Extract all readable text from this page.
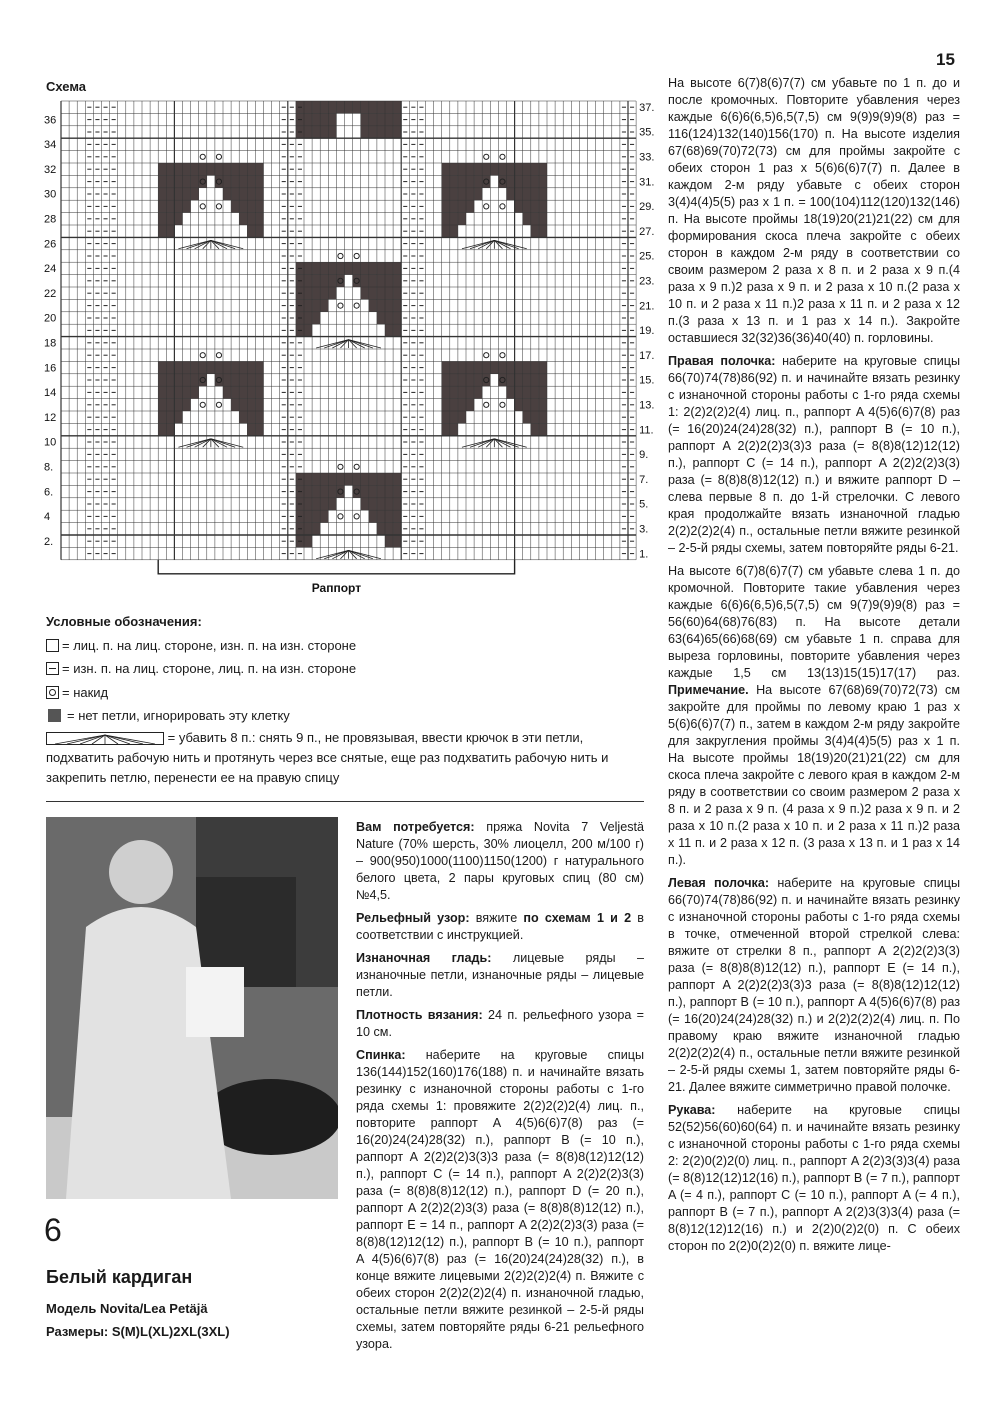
15
Схема
36
34
32
30
28
26
24
22
20
18
16
14
12
10
8.
6.
4
2.
37.
35.
33.
31.
29.
27.
25.
23.
21.
19.
17.
15.
13.
11.
9.
7.
5.
3.
1.
Раппорт
Условные обозначения:
= лиц. п. на лиц. стороне, изн. п. на изн. стороне
= изн. п. на лиц. стороне, лиц. п. на изн. стороне
= накид
= нет петли, игнорировать эту клетку
= убавить 8 п.: снять 9 п., не провязывая, ввести крючок в эти петли, подхватить рабочую нить и протянуть через все снятые, еще раз подхватить рабочую нить и закрепить петлю, перенести ее на правую спицу
6
Белый кардиган
Модель Novita/Lea Petäjä
Размеры: S(M)L(XL)2XL(3XL)

Вам потребуется: пряжа Novita 7 Veljestä Nature (70% шерсть, 30% лиоцелл, 200 м/100 г) – 900(950)1000(1100)1150(1200) г натурального белого цвета, 2 пары круговых спиц (80 см) №4,5.

Рельефный узор: вяжите по схемам 1 и 2 в соответствии с инструкцией.

Изнаночная гладь: лицевые ряды – изнаночные петли, изнаночные ряды – лицевые петли.

Плотность вязания: 24 п. рельефного узора = 10 см.

Спинка: наберите на круговые спицы 136(144)152(160)176(188) п. и начинайте вязать резинку с изнаночной стороны работы с 1-го ряда схемы 1: провяжите 2(2)2(2)2(4) лиц. п., повторите раппорт A 4(5)6(6)7(8) раз (= 16(20)24(24)28(32) п.), раппорт B (= 10 п.), раппорт A 2(2)2(2)3(3)3 раза (= 8(8)8(12)12(12) п.), раппорт C (= 14 п.), раппорт A 2(2)2(2)3(3) раза (= 8(8)8(8)12(12) п.), раппорт D (= 20 п.), раппорт A 2(2)2(2)3(3) раза (= 8(8)8(8)12(12) п.), раппорт E = 14 п., раппорт A 2(2)2(2)3(3) раза (= 8(8)8(12)12(12) п.), раппорт B (= 10 п.), раппорт A 4(5)6(6)7(8) раз (= 16(20)24(24)28(32) п.), в конце вяжите лицевыми 2(2)2(2)2(4) п. Вяжите с обеих сторон 2(2)2(2)2(4) п. изнаночной гладью, остальные петли вяжите резинкой – 2-5-й ряды схемы, затем повторяйте ряды 6-21 рельефного узора.

На высоте 6(7)8(6)7(7) см убавьте по 1 п. до и после кромочных. Повторите убавления через каждые 6(6)6(6,5)6,5(7,5) см 9(9)9(9)9(8) раз = 116(124)132(140)156(170) п. На высоте изделия 67(68)69(70)72(73) см для проймы закройте с обеих сторон 1 раз х 5(6)6(6)7(7) п. Далее в каждом 2-м ряду убавьте с обеих сторон 3(4)4(4)5(5) раз х 1 п. = 100(104)112(120)132(146) п. На высоте проймы 18(19)20(21)21(22) см для формирования скоса плеча закройте с обеих сторон в каждом 2-м ряду в соответствии со своим размером 2 раза х 8 п. и 2 раза х 9 п.(4 раза х 9 п.)2 раза х 9 п. и 2 раза х 10 п.(2 раза х 10 п. и 2 раза х 11 п.)2 раза х 11 п. и 2 раза х 12 п.(3 раза х 13 п. и 1 раз х 14 п.). Закройте оставшиеся 32(32)36(36)40(40) п. горловины.

Правая полочка: наберите на круговые спицы 66(70)74(78)86(92) п. и начинайте вязать резинку с изнаночной стороны работы с 1-го ряда схемы 1: 2(2)2(2)2(4) лиц. п., раппорт A 4(5)6(6)7(8) раз (= 16(20)24(24)28(32) п.), раппорт B (= 10 п.), раппорт A 2(2)2(2)3(3)3 раза (= 8(8)8(12)12(12) п.), раппорт C (= 14 п.), раппорт A 2(2)2(2)3(3) раза (= 8(8)8(8)12(12) п.) и вяжите раппорт D – слева первые 8 п. до 1-й стрелочки. С левого края продолжайте вязать изнаночной гладью 2(2)2(2)2(4) п., остальные петли вяжите резинкой – 2-5-й ряды схемы, затем повторяйте ряды 6-21.

На высоте 6(7)8(6)7(7) см убавьте слева 1 п. до кромочной. Повторите такие убавления через каждые 6(6)6(6,5)6,5(7,5) см 9(7)9(9)9(8) раз = 56(60)64(68)76(83) п. На высоте детали 63(64)65(66)68(69) см убавьте 1 п. справа для выреза горловины, повторите убавления через каждые 1,5 см 13(13)15(15)17(17) раз. Примечание. На высоте 67(68)69(70)72(73) см закройте для проймы по левому краю 1 раз х 5(6)6(6)7(7) п., затем в каждом 2-м ряду закройте для закругления проймы 3(4)4(4)5(5) раз х 1 п. На высоте проймы 18(19)20(21)21(22) см для скоса плеча закройте с левого края в каждом 2-м ряду в соответствии со своим размером 2 раза х 8 п. и 2 раза х 9 п. (4 раза х 9 п.)2 раза х 9 п. и 2 раза х 10 п.(2 раза х 10 п. и 2 раза х 11 п.)2 раза х 11 п. и 2 раза х 12 п. (3 раза х 13 п. и 1 раз х 14 п.).

Левая полочка: наберите на круговые спицы 66(70)74(78)86(92) п. и начинайте вязать резинку с изнаночной стороны работы с 1-го ряда схемы в точке, отмеченной второй стрелкой слева: вяжите от стрелки 8 п., раппорт A 2(2)2(2)3(3) раза (= 8(8)8(8)12(12) п.), раппорт E (= 14 п.), раппорт A 2(2)2(2)3(3)3 раза (= 8(8)8(12)12(12) п.), раппорт B (= 10 п.), раппорт A 4(5)6(6)7(8) раз (= 16(20)24(24)28(32) п.) и 2(2)2(2)2(4) лиц. п. По правому краю вяжите изнаночной гладью 2(2)2(2)2(4) п., остальные петли вяжите резинкой – 2-5-й ряды схемы 1, затем повторяйте ряды 6-21. Далее вяжите симметрично правой полочке.

Рукава: наберите на круговые спицы 52(52)56(60)60(64) п. и начинайте вязать резинку с изнаночной стороны работы с 1-го ряда схемы 2: 2(2)0(2)2(0) лиц. п., раппорт A 2(2)3(3)3(4) раза (= 8(8)12(12)12(16) п.), раппорт B (= 7 п.), раппорт A (= 4 п.), раппорт C (= 10 п.), раппорт A (= 4 п.), раппорт B (= 7 п.), раппорт A 2(2)3(3)3(4) раза (= 8(8)12(12)12(16) п.) и 2(2)0(2)2(0) п. С обеих сторон по 2(2)0(2)2(0) п. вяжите лице-
